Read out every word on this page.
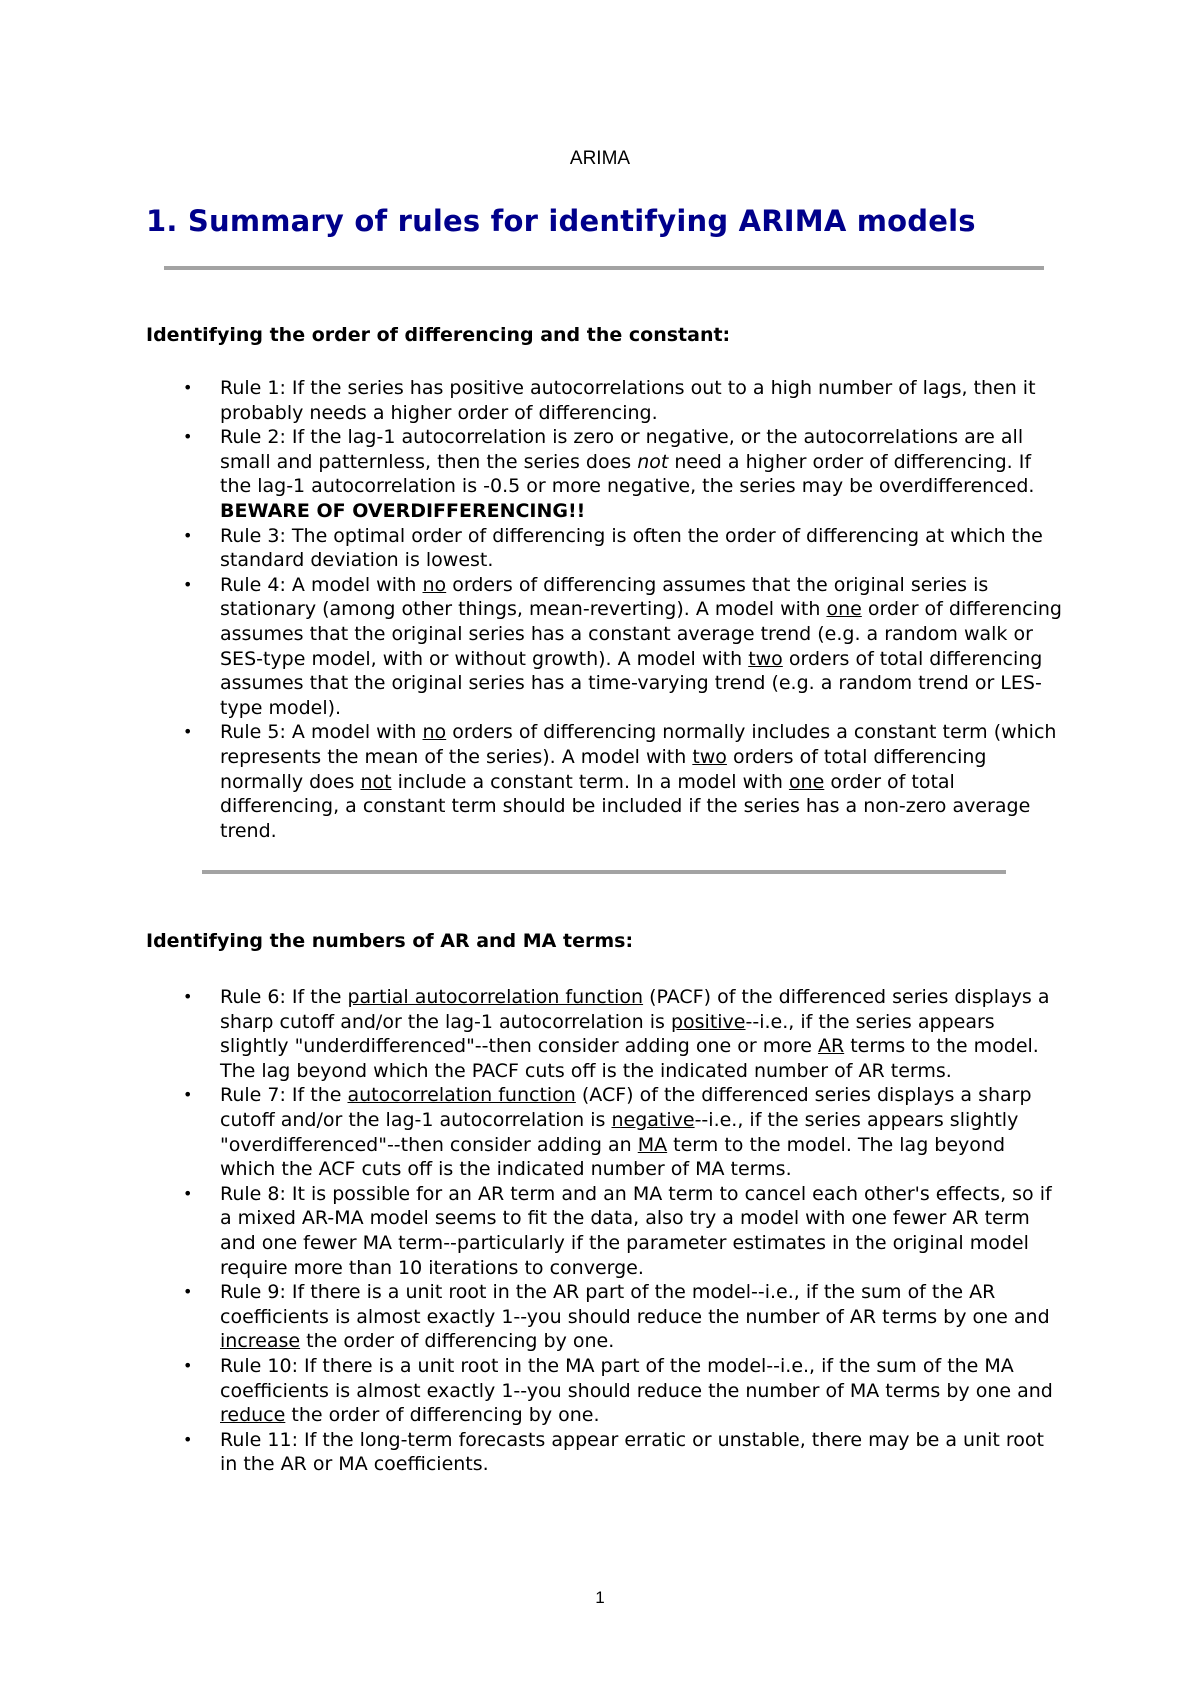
ARIMA
1. Summary of rules for identifying ARIMA models
Identifying the order of differencing and the constant:
• Rule 1: If the series has positive autocorrelations out to a high number of lags, then it probably needs a higher order of differencing.
• Rule 2: If the lag-1 autocorrelation is zero or negative, or the autocorrelations are all small and patternless, then the series does not need a higher order of differencing. If the lag-1 autocorrelation is -0.5 or more negative, the series may be overdifferenced. BEWARE OF OVERDIFFERENCING!!
• Rule 3: The optimal order of differencing is often the order of differencing at which the standard deviation is lowest.
• Rule 4: A model with no orders of differencing assumes that the original series is stationary (among other things, mean-reverting). A model with one order of differencing assumes that the original series has a constant average trend (e.g. a random walk or SES-type model, with or without growth). A model with two orders of total differencing assumes that the original series has a time-varying trend (e.g. a random trend or LES-type model).
• Rule 5: A model with no orders of differencing normally includes a constant term (which represents the mean of the series). A model with two orders of total differencing normally does not include a constant term. In a model with one order of total differencing, a constant term should be included if the series has a non-zero average trend.
Identifying the numbers of AR and MA terms:
• Rule 6: If the partial autocorrelation function (PACF) of the differenced series displays a sharp cutoff and/or the lag-1 autocorrelation is positive--i.e., if the series appears slightly "underdifferenced"--then consider adding one or more AR terms to the model. The lag beyond which the PACF cuts off is the indicated number of AR terms.
• Rule 7: If the autocorrelation function (ACF) of the differenced series displays a sharp cutoff and/or the lag-1 autocorrelation is negative--i.e., if the series appears slightly "overdifferenced"--then consider adding an MA term to the model. The lag beyond which the ACF cuts off is the indicated number of MA terms.
• Rule 8: It is possible for an AR term and an MA term to cancel each other's effects, so if a mixed AR-MA model seems to fit the data, also try a model with one fewer AR term and one fewer MA term--particularly if the parameter estimates in the original model require more than 10 iterations to converge.
• Rule 9: If there is a unit root in the AR part of the model--i.e., if the sum of the AR coefficients is almost exactly 1--you should reduce the number of AR terms by one and increase the order of differencing by one.
• Rule 10: If there is a unit root in the MA part of the model--i.e., if the sum of the MA coefficients is almost exactly 1--you should reduce the number of MA terms by one and reduce the order of differencing by one.
• Rule 11: If the long-term forecasts appear erratic or unstable, there may be a unit root in the AR or MA coefficients.
1
